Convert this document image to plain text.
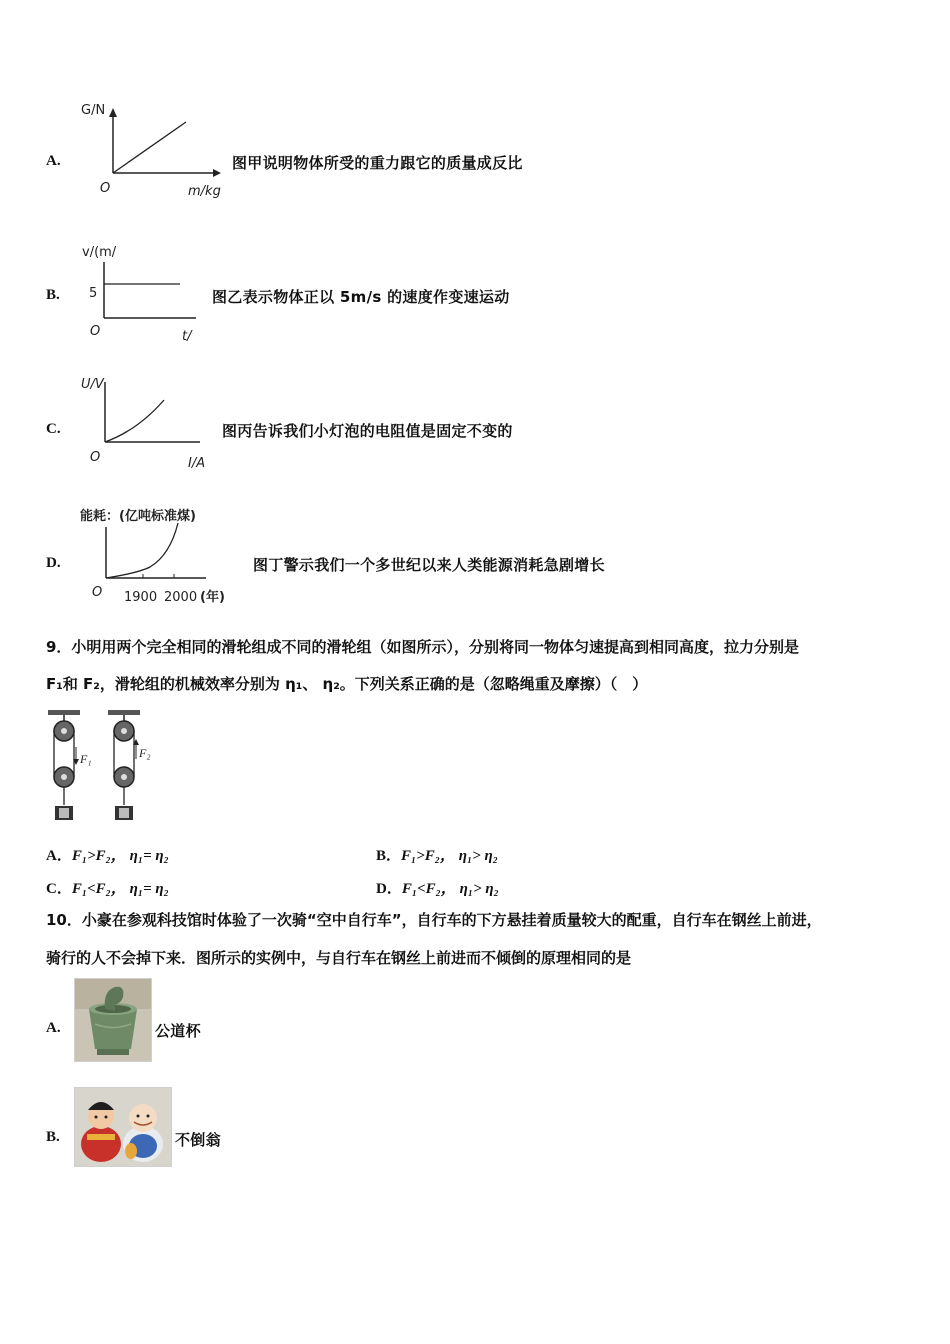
A.
G/N
O	m/kg
图甲说明物体所受的重力跟它的质量成反比
B.
v/(m/
5
O	t/
图乙表示物体正以 5m/s 的速度作变速运动
C.
U/V
O	I/A
图丙告诉我们小灯泡的电阻值是固定不变的
D.
能耗：(亿吨标准煤)
O 1900 2000 (年)
图丁警示我们一个多世纪以来人类能源消耗急剧增长
9．小明用两个完全相同的滑轮组成不同的滑轮组（如图所示），分别将同一物体匀速提高到相同高度，拉力分别是
F₁和 F₂，滑轮组的机械效率分别为 η₁、 η₂。下列关系正确的是（忽略绳重及摩擦）（　）
F₁	F₂
A．F₁>F₂， η₁= η₂	B．F₁>F₂， η₁> η₂
C．F₁<F₂， η₁= η₂	D．F₁<F₂， η₁> η₂
10．小豪在参观科技馆时体验了一次骑“空中自行车”，自行车的下方悬挂着质量较大的配重，自行车在钢丝上前进，
骑行的人不会掉下来．图所示的实例中，与自行车在钢丝上前进而不倾倒的原理相同的是
A.	公道杯
B.	不倒翁
